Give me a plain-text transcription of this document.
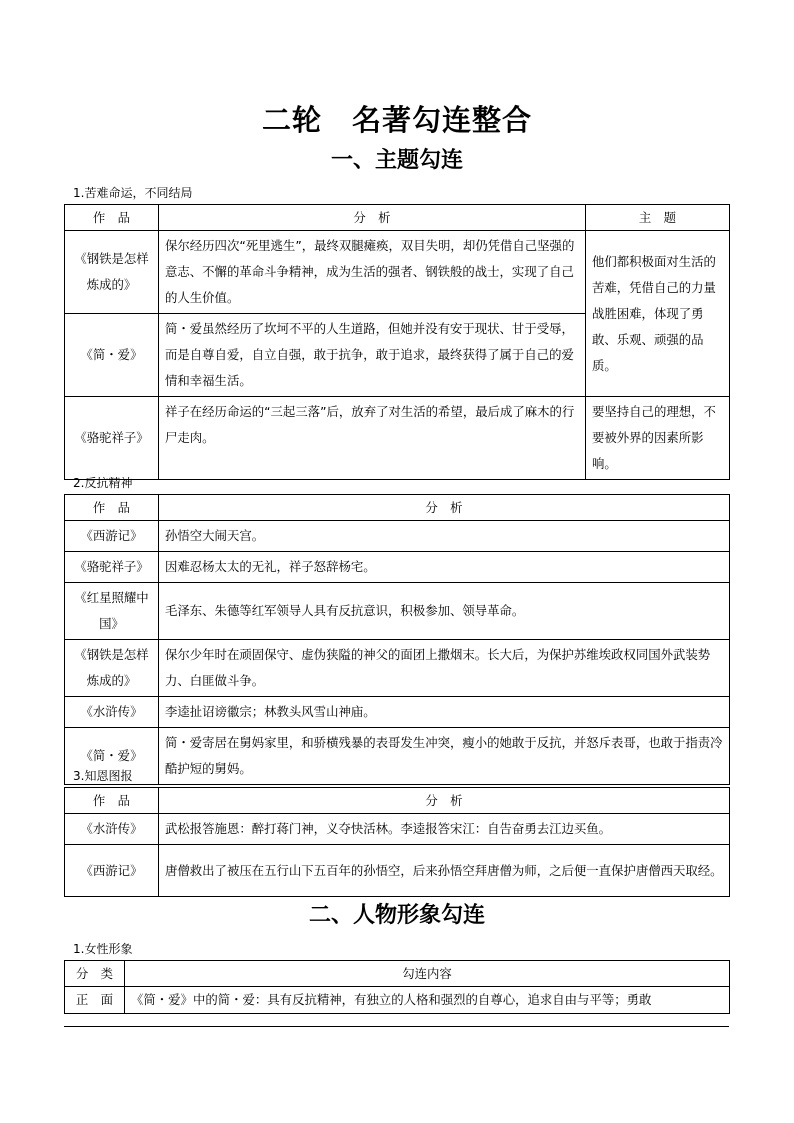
二轮　名著勾连整合
一、主题勾连
1.苦难命运，不同结局
作　品	分　析	主　题
《钢铁是怎样炼成的》	保尔经历四次“死里逃生”，最终双腿瘫痪，双目失明，却仍凭借自己坚强的意志、不懈的革命斗争精神，成为生活的强者、钢铁般的战士，实现了自己的人生价值。	他们都积极面对生活的苦难，凭借自己的力量战胜困难，体现了勇敢、乐观、顽强的品质。
《简・爱》	简・爱虽然经历了坎坷不平的人生道路，但她并没有安于现状、甘于受辱，而是自尊自爱，自立自强，敢于抗争，敢于追求，最终获得了属于自己的爱情和幸福生活。	
《骆驼祥子》	祥子在经历命运的“三起三落”后，放弃了对生活的希望，最后成了麻木的行尸走肉。	要坚持自己的理想，不要被外界的因素所影响。
2.反抗精神
作　品	分　析
《西游记》	孙悟空大闹天宫。
《骆驼祥子》	因难忍杨太太的无礼，祥子怒辞杨宅。
《红星照耀中国》	毛泽东、朱德等红军领导人具有反抗意识，积极参加、领导革命。
《钢铁是怎样炼成的》	保尔少年时在顽固保守、虚伪狭隘的神父的面团上撒烟末。长大后，为保护苏维埃政权同国外武装势力、白匪做斗争。
《水浒传》	李逵扯诏谤徽宗；林教头风雪山神庙。
《简・爱》	简・爱寄居在舅妈家里，和骄横残暴的表哥发生冲突，瘦小的她敢于反抗，并怒斥表哥，也敢于指责冷酷护短的舅妈。
3.知恩图报
作　品	分　析
《水浒传》	武松报答施恩：醉打蒋门神，义夺快活林。李逵报答宋江：自告奋勇去江边买鱼。
《西游记》	唐僧救出了被压在五行山下五百年的孙悟空，后来孙悟空拜唐僧为师，之后便一直保护唐僧西天取经。
二、人物形象勾连
1.女性形象
分　类	勾连内容
正　面	《简・爱》中的简・爱：具有反抗精神，有独立的人格和强烈的自尊心，追求自由与平等；勇敢
